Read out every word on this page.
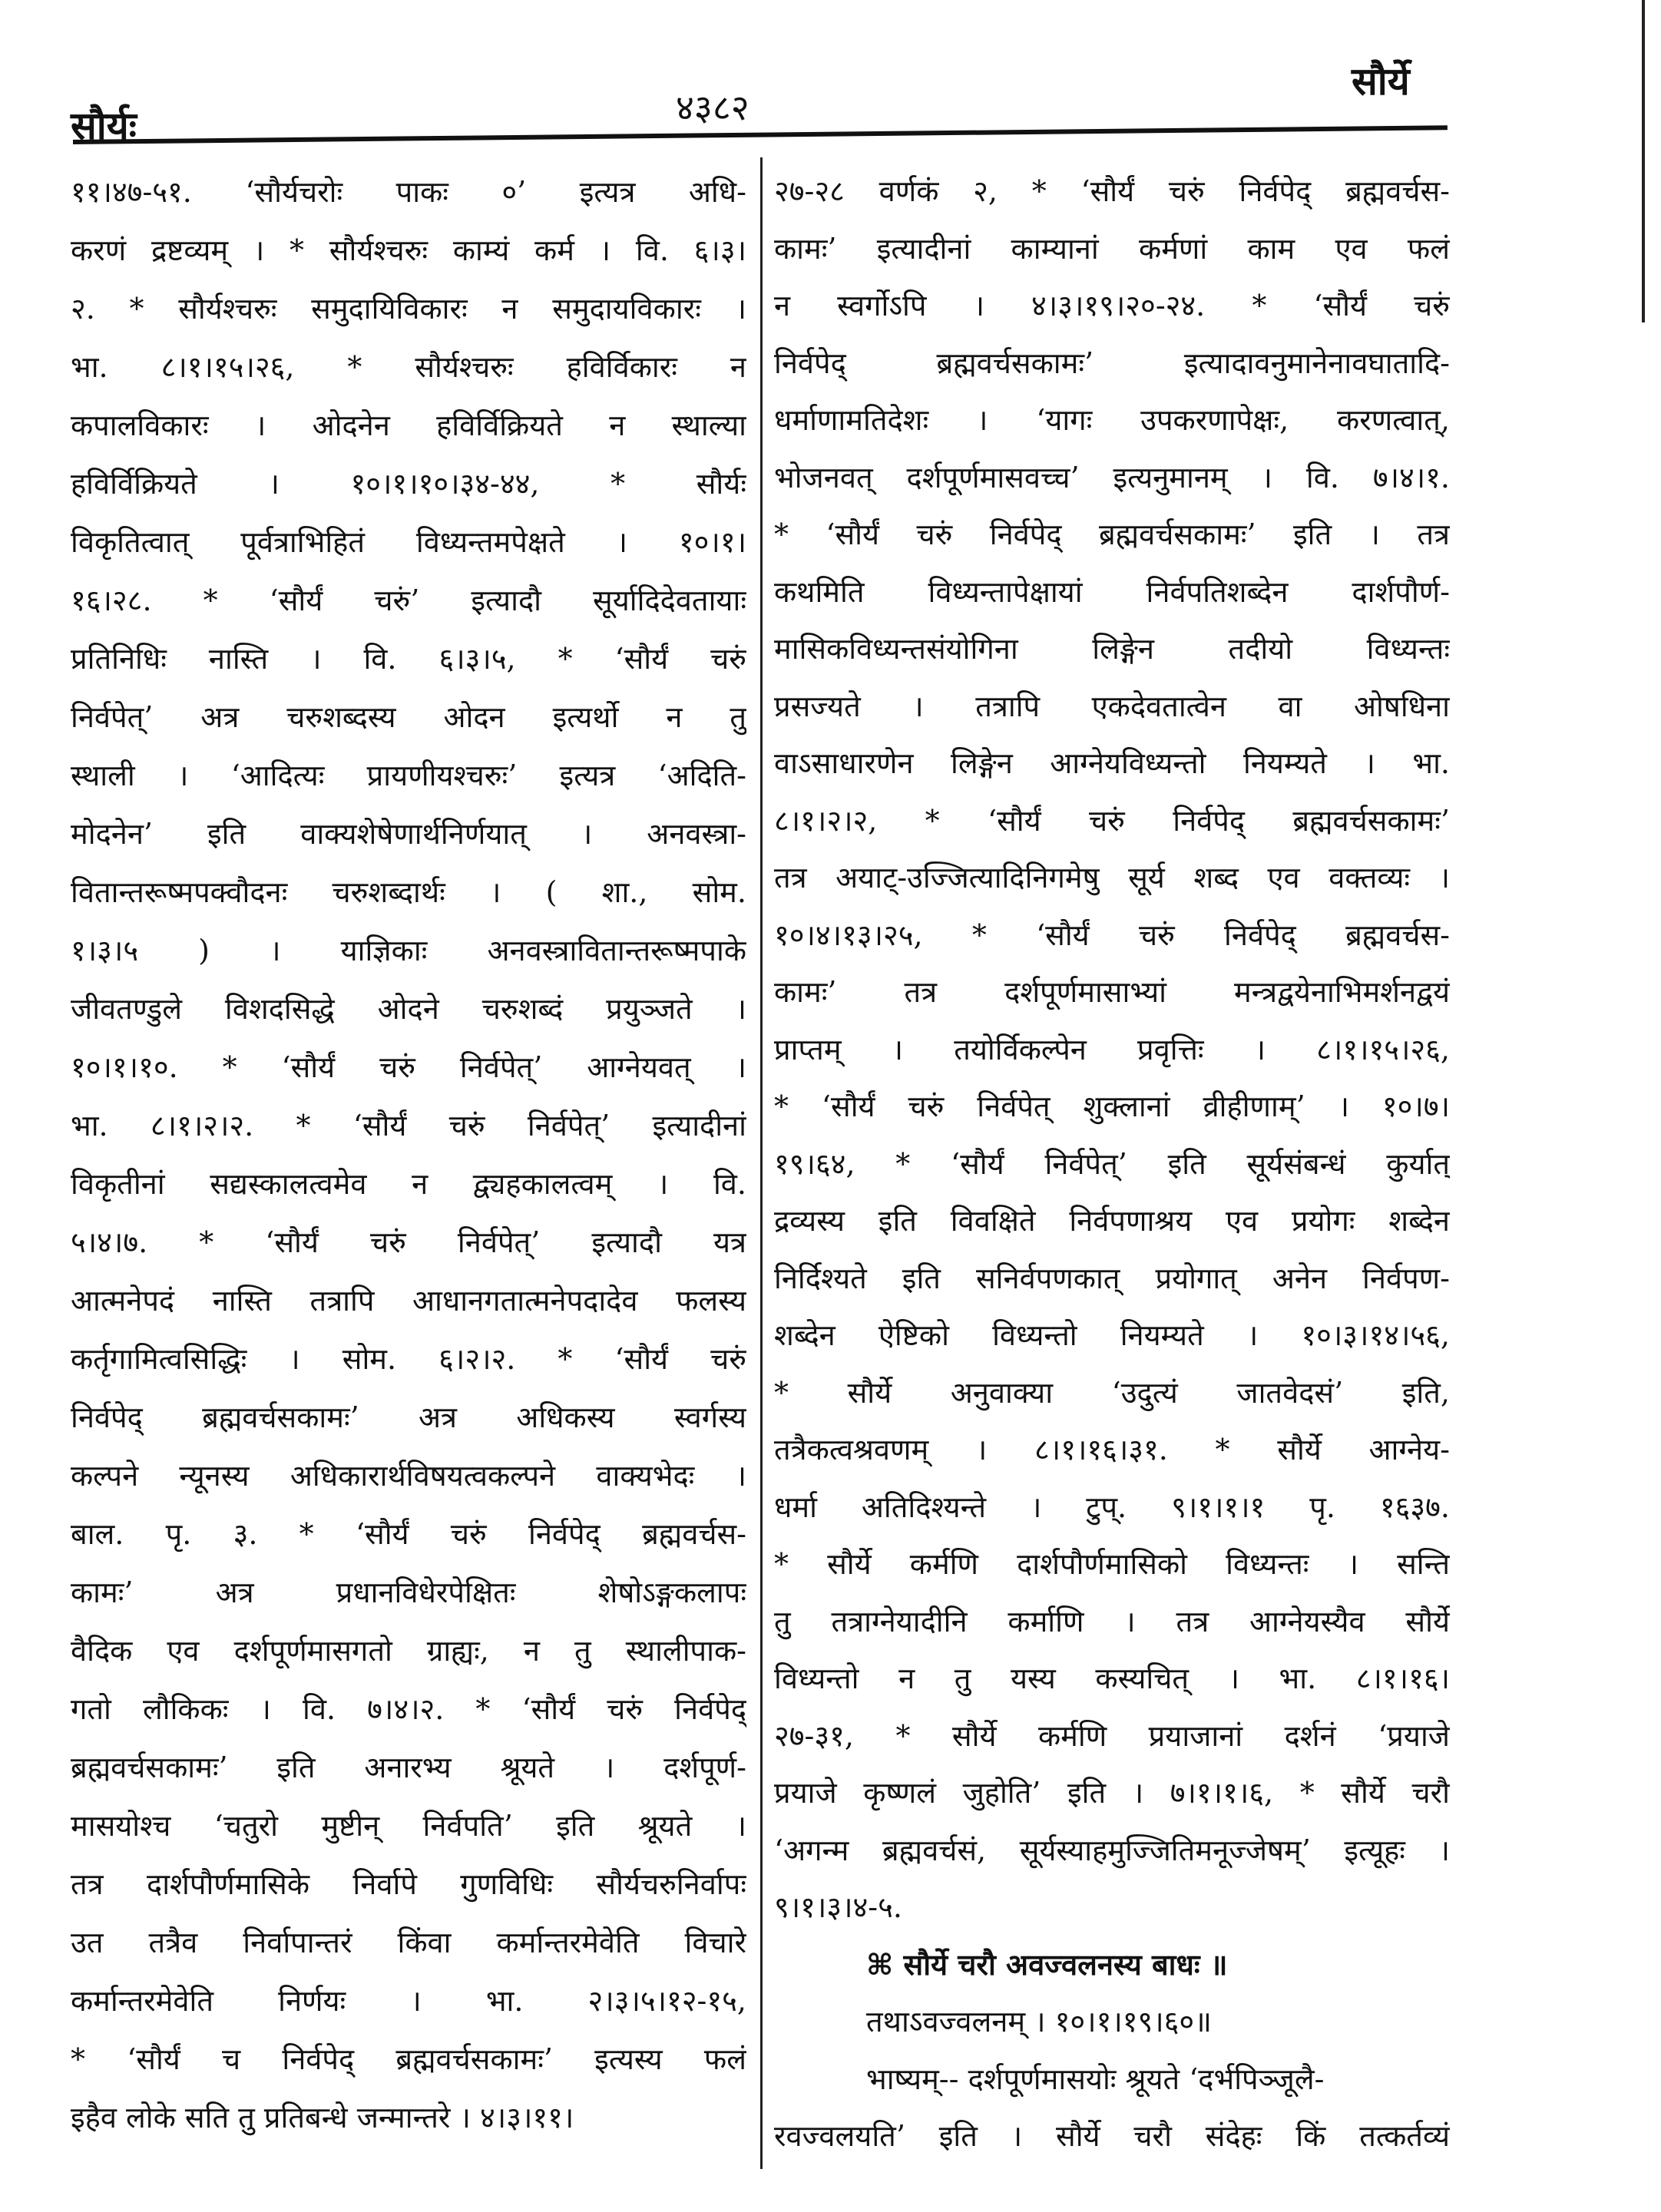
सौर्यः	४३८२
सौर्ये
११।४७-५१. ‘सौर्यचरोः पाकः ०’ इत्यत्र अधि-
करणं द्रष्टव्यम् । * सौर्यश्चरुः काम्यं कर्म । वि. ६।३।
२. * सौर्यश्चरुः समुदायिविकारः न समुदायविकारः ।
भा. ८।१।१५।२६, * सौर्यश्चरुः हविर्विकारः न
कपालविकारः । ओदनेन हविर्विक्रियते न स्थाल्या
हविर्विक्रियते । १०।१।१०।३४-४४, * सौर्यः
विकृतित्वात् पूर्वत्राभिहितं विध्यन्तमपेक्षते । १०।१।
१६।२८. * ‘सौर्यं चरुं’ इत्यादौ सूर्यादिदेवतायाः
प्रतिनिधिः नास्ति । वि. ६।३।५, * ‘सौर्यं चरुं
निर्वपेत्’ अत्र चरुशब्दस्य ओदन इत्यर्थो न तु
स्थाली । ‘आदित्यः प्रायणीयश्चरुः’ इत्यत्र ‘अदिति-
मोदनेन’ इति वाक्यशेषेणार्थनिर्णयात् । अनवस्त्रा-
वितान्तरूष्मपक्वौदनः चरुशब्दार्थः । ( शा., सोम.
१।३।५ ) । याज्ञिकाः अनवस्त्रावितान्तरूष्मपाके
जीवतण्डुले विशदसिद्धे ओदने चरुशब्दं प्रयुञ्जते ।
१०।१।१०. * ‘सौर्यं चरुं निर्वपेत्’ आग्नेयवत् ।
भा. ८।१।२।२. * ‘सौर्यं चरुं निर्वपेत्’ इत्यादीनां
विकृतीनां सद्यस्कालत्वमेव न द्व्यहकालत्वम् । वि.
५।४।७. * ‘सौर्यं चरुं निर्वपेत्’ इत्यादौ यत्र
आत्मनेपदं नास्ति तत्रापि आधानगतात्मनेपदादेव फलस्य
कर्तृगामित्वसिद्धिः । सोम. ६।२।२. * ‘सौर्यं चरुं
निर्वपेद् ब्रह्मवर्चसकामः’ अत्र अधिकस्य स्वर्गस्य
कल्पने न्यूनस्य अधिकारार्थविषयत्वकल्पने वाक्यभेदः ।
बाल. पृ. ३. * ‘सौर्यं चरुं निर्वपेद् ब्रह्मवर्चस-
कामः’ अत्र प्रधानविधेरपेक्षितः शेषोऽङ्गकलापः
वैदिक एव दर्शपूर्णमासगतो ग्राह्यः, न तु स्थालीपाक-
गतो लौकिकः । वि. ७।४।२. * ‘सौर्यं चरुं निर्वपेद्
ब्रह्मवर्चसकामः’ इति अनारभ्य श्रूयते । दर्शपूर्ण-
मासयोश्च ‘चतुरो मुष्टीन् निर्वपति’ इति श्रूयते ।
तत्र दार्शपौर्णमासिके निर्वापे गुणविधिः सौर्यचरुनिर्वापः
उत तत्रैव निर्वापान्तरं किंवा कर्मान्तरमेवेति विचारे
कर्मान्तरमेवेति निर्णयः । भा. २।३।५।१२-१५,
* ‘सौर्यं च निर्वपेद् ब्रह्मवर्चसकामः’ इत्यस्य फलं
इहैव लोके सति तु प्रतिबन्धे जन्मान्तरे । ४।३।११।
२७-२८ वर्णकं २, * ‘सौर्यं चरुं निर्वपेद् ब्रह्मवर्चस-
कामः’ इत्यादीनां काम्यानां कर्मणां काम एव फलं
न स्वर्गोऽपि । ४।३।१९।२०-२४. * ‘सौर्यं चरुं
निर्वपेद् ब्रह्मवर्चसकामः’ इत्यादावनुमानेनावघातादि-
धर्माणामतिदेशः । ‘यागः उपकरणापेक्षः, करणत्वात्,
भोजनवत् दर्शपूर्णमासवच्च’ इत्यनुमानम् । वि. ७।४।१.
* ‘सौर्यं चरुं निर्वपेद् ब्रह्मवर्चसकामः’ इति । तत्र
कथमिति विध्यन्तापेक्षायां निर्वपतिशब्देन दार्शपौर्ण-
मासिकविध्यन्तसंयोगिना लिङ्गेन तदीयो विध्यन्तः
प्रसज्यते । तत्रापि एकदेवतात्वेन वा ओषधिना
वाऽसाधारणेन लिङ्गेन आग्नेयविध्यन्तो नियम्यते । भा.
८।१।२।२, * ‘सौर्यं चरुं निर्वपेद् ब्रह्मवर्चसकामः’
तत्र अयाट्-उज्जित्यादिनिगमेषु सूर्य शब्द एव वक्तव्यः ।
१०।४।१३।२५, * ‘सौर्यं चरुं निर्वपेद् ब्रह्मवर्चस-
कामः’ तत्र दर्शपूर्णमासाभ्यां मन्त्रद्वयेनाभिमर्शनद्वयं
प्राप्तम् । तयोर्विकल्पेन प्रवृत्तिः । ८।१।१५।२६,
* ‘सौर्यं चरुं निर्वपेत् शुक्लानां व्रीहीणाम्’ । १०।७।
१९।६४, * ‘सौर्यं निर्वपेत्’ इति सूर्यसंबन्धं कुर्यात्
द्रव्यस्य इति विवक्षिते निर्वपणाश्रय एव प्रयोगः शब्देन
निर्दिश्यते इति सनिर्वपणकात् प्रयोगात् अनेन निर्वपण-
शब्देन ऐष्टिको विध्यन्तो नियम्यते । १०।३।१४।५६,
* सौर्ये अनुवाक्या ‘उदुत्यं जातवेदसं’ इति,
तत्रैकत्वश्रवणम् । ८।१।१६।३१. * सौर्ये आग्नेय-
धर्मा अतिदिश्यन्ते । टुप्. ९।१।१।१ पृ. १६३७.
* सौर्ये कर्मणि दार्शपौर्णमासिको विध्यन्तः । सन्ति
तु तत्राग्नेयादीनि कर्माणि । तत्र आग्नेयस्यैव सौर्ये
विध्यन्तो न तु यस्य कस्यचित् । भा. ८।१।१६।
२७-३१, * सौर्ये कर्मणि प्रयाजानां दर्शनं ‘प्रयाजे
प्रयाजे कृष्णलं जुहोति’ इति । ७।१।१।६, * सौर्ये चरौ
‘अगन्म ब्रह्मवर्चसं, सूर्यस्याहमुज्जितिमनूज्जेषम्’ इत्यूहः ।
९।१।३।४-५.
⌘ सौर्ये चरौ अवज्वलनस्य बाधः ॥
तथाऽवज्वलनम् । १०।१।१९।६०॥
भाष्यम्-- दर्शपूर्णमासयोः श्रूयते ‘दर्भपिञ्जूलै-
रवज्वलयति’ इति । सौर्ये चरौ संदेहः किं तत्कर्तव्यं
